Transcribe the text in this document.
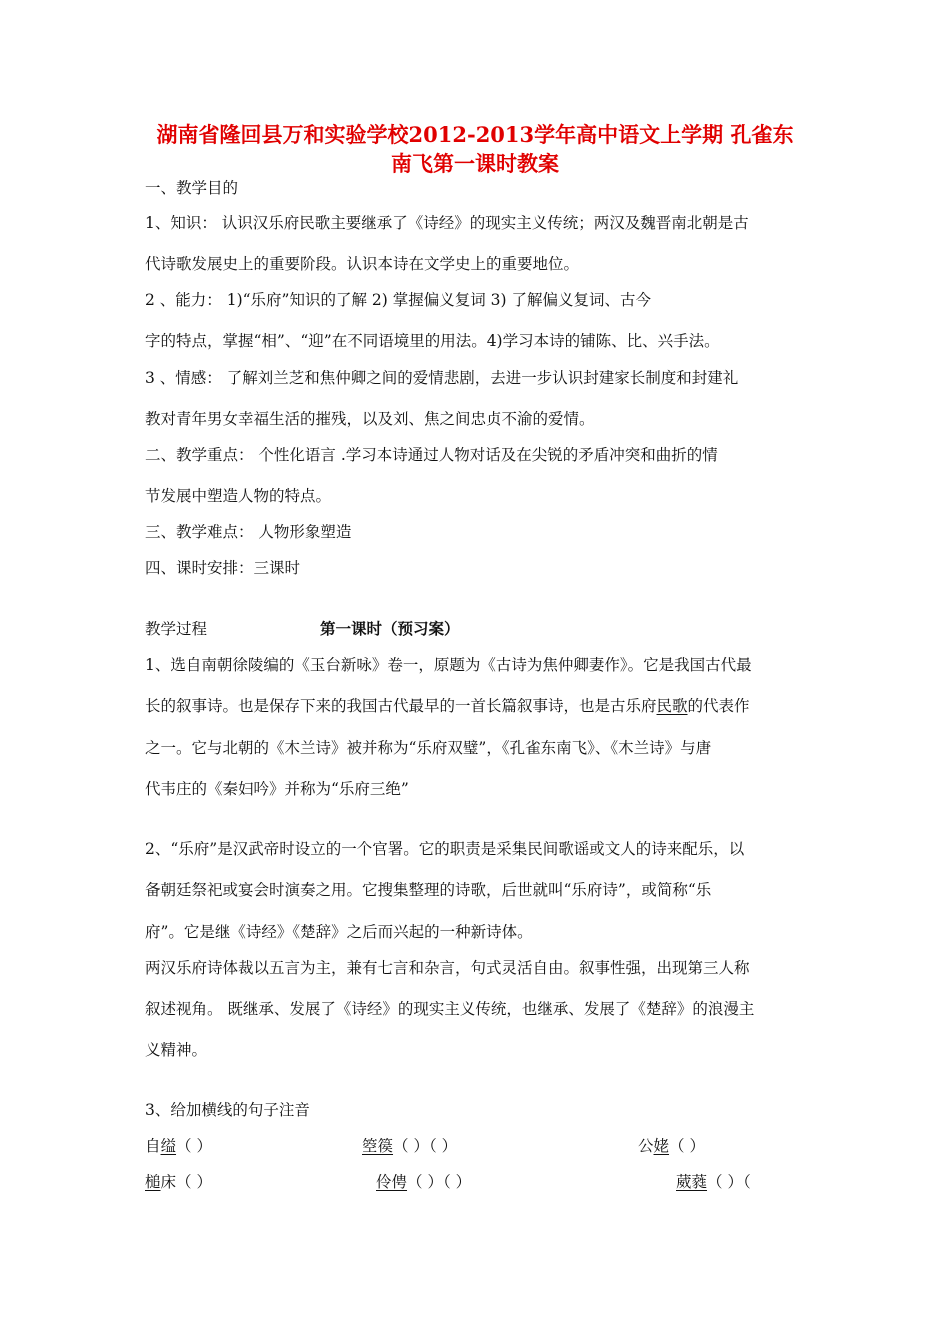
湖南省隆回县万和实验学校2012-2013学年高中语文上学期 孔雀东
南飞第一课时教案
一、教学目的
1、知识： 认识汉乐府民歌主要继承了《诗经》的现实主义传统；两汉及魏晋南北朝是古
代诗歌发展史上的重要阶段。认识本诗在文学史上的重要地位。
2 、能力： 1)“乐府”知识的了解 2) 掌握偏义复词 3) 了解偏义复词、古今
字的特点，掌握“相”、“迎”在不同语境里的用法。4)学习本诗的铺陈、比、兴手法。
3 、情感： 了解刘兰芝和焦仲卿之间的爱情悲剧，去进一步认识封建家长制度和封建礼
教对青年男女幸福生活的摧残，以及刘、焦之间忠贞不渝的爱情。
二、教学重点： 个性化语言 .学习本诗通过人物对话及在尖锐的矛盾冲突和曲折的情
节发展中塑造人物的特点。
三、教学难点： 人物形象塑造
四、课时安排：三课时
教学过程	第一课时（预习案）
1、选自南朝徐陵编的《玉台新咏》卷一，原题为《古诗为焦仲卿妻作》。它是我国古代最
长的叙事诗。也是保存下来的我国古代最早的一首长篇叙事诗，也是古乐府民歌的代表作
之一。它与北朝的《木兰诗》被并称为“乐府双璧”，《孔雀东南飞》、《木兰诗》与唐
代韦庄的《秦妇吟》并称为“乐府三绝”
2、“乐府”是汉武帝时设立的一个官署。它的职责是采集民间歌谣或文人的诗来配乐，以
备朝廷祭祀或宴会时演奏之用。它搜集整理的诗歌，后世就叫“乐府诗”，或简称“乐
府”。它是继《诗经》《楚辞》之后而兴起的一种新诗体。
两汉乐府诗体裁以五言为主，兼有七言和杂言，句式灵活自由。叙事性强，出现第三人称
叙述视角。 既继承、发展了《诗经》的现实主义传统，也继承、发展了《楚辞》的浪漫主
义精神。
3、给加横线的句子注音
自缢（ ）	箜篌（ ）（ ）	公姥（ ）
槌床（ ）	伶俜（ ）（ ）	葳蕤（ ）（
